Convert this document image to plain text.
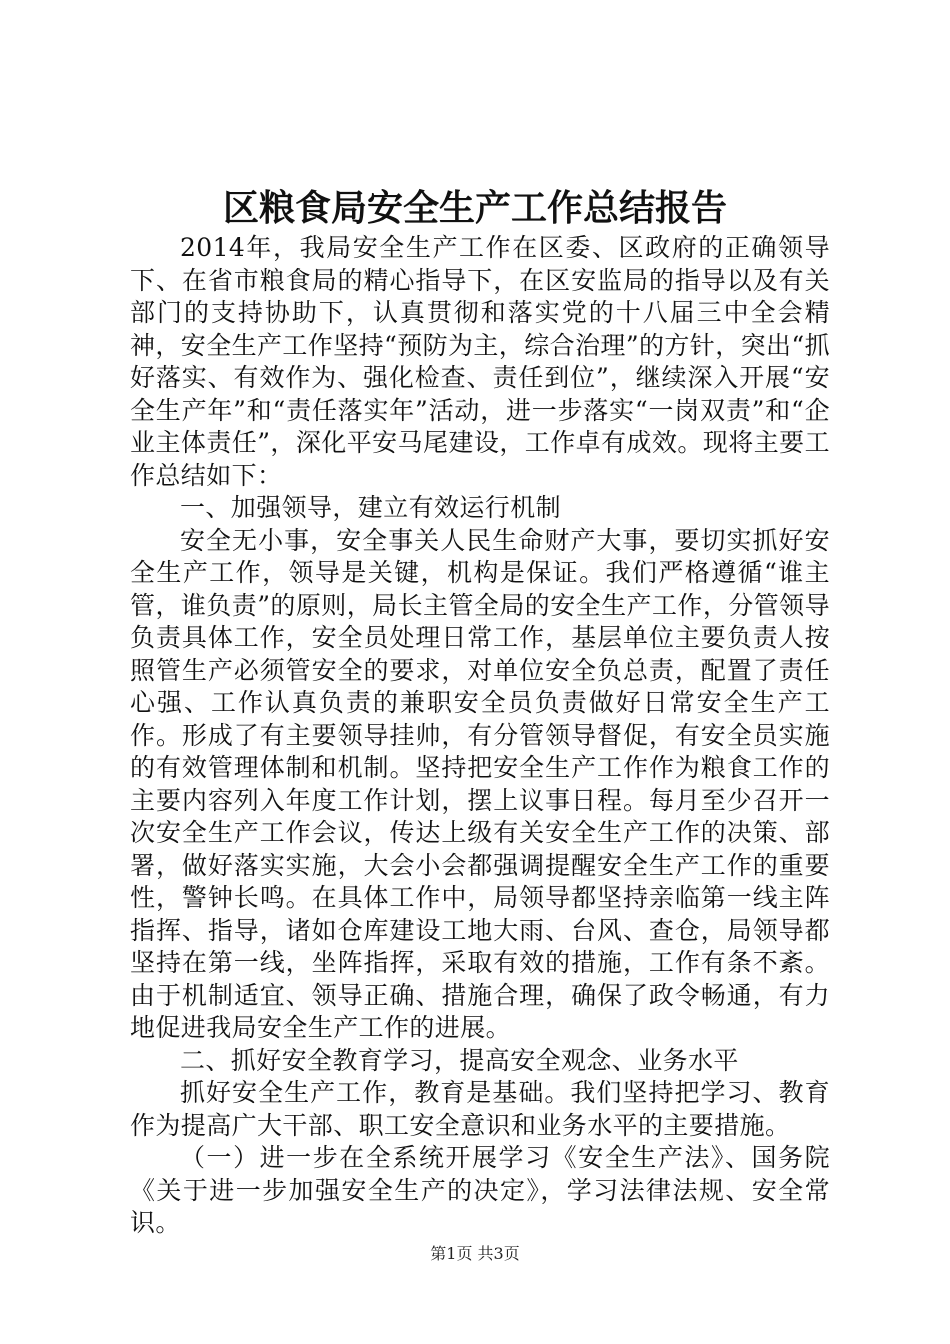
区粮食局安全生产工作总结报告

2014年，我局安全生产工作在区委、区政府的正确领导下、在省市粮食局的精心指导下，在区安监局的指导以及有关部门的支持协助下，认真贯彻和落实党的十八届三中全会精神，安全生产工作坚持“预防为主，综合治理”的方针，突出“抓好落实、有效作为、强化检查、责任到位”，继续深入开展“安全生产年”和“责任落实年”活动，进一步落实“一岗双责”和“企业主体责任”，深化平安马尾建设，工作卓有成效。现将主要工作总结如下：

一、加强领导，建立有效运行机制

安全无小事，安全事关人民生命财产大事，要切实抓好安全生产工作，领导是关键，机构是保证。我们严格遵循“谁主管，谁负责”的原则，局长主管全局的安全生产工作，分管领导负责具体工作，安全员处理日常工作，基层单位主要负责人按照管生产必须管安全的要求，对单位安全负总责，配置了责任心强、工作认真负责的兼职安全员负责做好日常安全生产工作。形成了有主要领导挂帅，有分管领导督促，有安全员实施的有效管理体制和机制。坚持把安全生产工作作为粮食工作的主要内容列入年度工作计划，摆上议事日程。每月至少召开一次安全生产工作会议，传达上级有关安全生产工作的决策、部署，做好落实实施，大会小会都强调提醒安全生产工作的重要性，警钟长鸣。在具体工作中，局领导都坚持亲临第一线主阵指挥、指导，诸如仓库建设工地大雨、台风、查仓，局领导都坚持在第一线，坐阵指挥，采取有效的措施，工作有条不紊。由于机制适宜、领导正确、措施合理，确保了政令畅通，有力地促进我局安全生产工作的进展。

二、抓好安全教育学习，提高安全观念、业务水平

抓好安全生产工作，教育是基础。我们坚持把学习、教育作为提高广大干部、职工安全意识和业务水平的主要措施。

（一）进一步在全系统开展学习《安全生产法》、国务院《关于进一步加强安全生产的决定》，学习法律法规、安全常识。

第1页 共3页
